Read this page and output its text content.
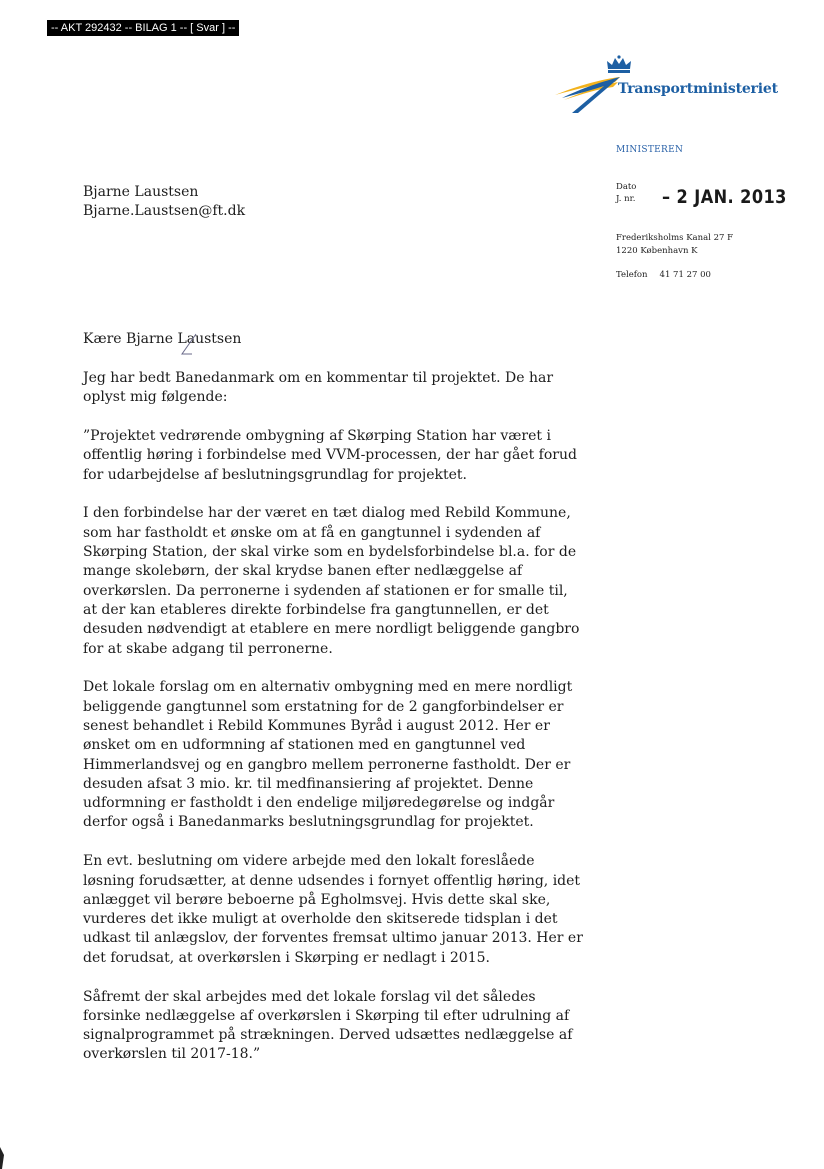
-- AKT 292432 -- BILAG 1 -- [ Svar ] --
Transportministeriet
MINISTEREN
Bjarne Laustsen
Bjarne.Laustsen@ft.dk
Dato
J. nr. – 2 JAN. 2013
Frederiksholms Kanal 27 F
1220 København K
Telefon 41 71 27 00
Kære Bjarne Laustsen

Jeg har bedt Banedanmark om en kommentar til projektet. De har oplyst mig følgende:

”Projektet vedrørende ombygning af Skørping Station har været i offentlig høring i forbindelse med VVM-processen, der har gået forud for udarbejdelse af beslutningsgrundlag for projektet.

I den forbindelse har der været en tæt dialog med Rebild Kommune, som har fastholdt et ønske om at få en gangtunnel i sydenden af Skørping Station, der skal virke som en bydelsforbindelse bl.a. for de mange skolebørn, der skal krydse banen efter nedlæggelse af overkørslen. Da perronerne i sydenden af stationen er for smalle til, at der kan etableres direkte forbindelse fra gangtunnellen, er det desuden nødvendigt at etablere en mere nordligt beliggende gangbro for at skabe adgang til perronerne.

Det lokale forslag om en alternativ ombygning med en mere nordligt beliggende gangtunnel som erstatning for de 2 gangforbindelser er senest behandlet i Rebild Kommunes Byråd i august 2012. Her er ønsket om en udformning af stationen med en gangtunnel ved Himmerlandsvej og en gangbro mellem perronerne fastholdt. Der er desuden afsat 3 mio. kr. til medfinansiering af projektet. Denne udformning er fastholdt i den endelige miljøredegørelse og indgår derfor også i Banedanmarks beslutningsgrundlag for projektet.

En evt. beslutning om videre arbejde med den lokalt foreslåede løsning forudsætter, at denne udsendes i fornyet offentlig høring, idet anlægget vil berøre beboerne på Egholmsvej. Hvis dette skal ske, vurderes det ikke muligt at overholde den skitserede tidsplan i det udkast til anlægslov, der forventes fremsat ultimo januar 2013. Her er det forudsat, at overkørslen i Skørping er nedlagt i 2015.

Såfremt der skal arbejdes med det lokale forslag vil det således forsinke nedlæggelse af overkørslen i Skørping til efter udrulning af signalprogrammet på strækningen. Derved udsættes nedlæggelse af overkørslen til 2017-18.”
